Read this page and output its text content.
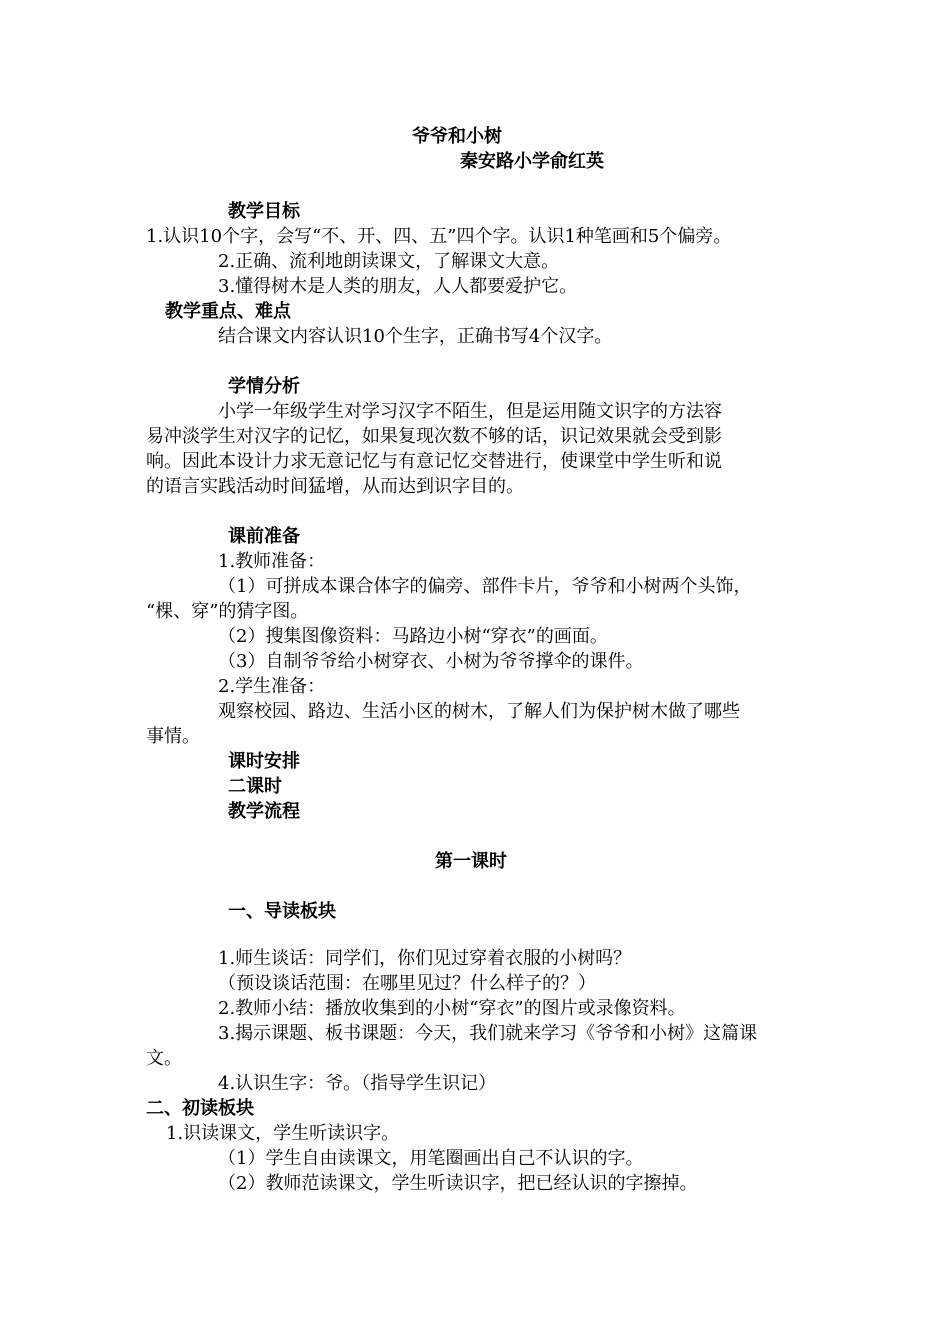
爷爷和小树
秦安路小学俞红英
教学目标
1.认识10个字，会写“不、开、四、五”四个字。认识1种笔画和5个偏旁。
2.正确、流利地朗读课文，了解课文大意。
3.懂得树木是人类的朋友，人人都要爱护它。
教学重点、难点
结合课文内容认识10个生字，正确书写4个汉字。
学情分析
小学一年级学生对学习汉字不陌生，但是运用随文识字的方法容
易冲淡学生对汉字的记忆，如果复现次数不够的话，识记效果就会受到影
响。因此本设计力求无意记忆与有意记忆交替进行，使课堂中学生听和说
的语言实践活动时间猛增，从而达到识字目的。
课前准备
1.教师准备：
（1）可拼成本课合体字的偏旁、部件卡片，爷爷和小树两个头饰，
“棵、穿”的猜字图。
（2）搜集图像资料：马路边小树“穿衣”的画面。
（3）自制爷爷给小树穿衣、小树为爷爷撑伞的课件。
2.学生准备：
观察校园、路边、生活小区的树木，了解人们为保护树木做了哪些
事情。
课时安排
二课时
教学流程
第一课时
一、导读板块
1.师生谈话：同学们，你们见过穿着衣服的小树吗？
（预设谈话范围：在哪里见过？什么样子的？）
2.教师小结：播放收集到的小树“穿衣”的图片或录像资料。
3.揭示课题、板书课题：今天，我们就来学习《爷爷和小树》这篇课
文。
4.认识生字：爷。（指导学生识记）
二、初读板块
1.识读课文，学生听读识字。
（1）学生自由读课文，用笔圈画出自己不认识的字。
（2）教师范读课文，学生听读识字，把已经认识的字擦掉。
